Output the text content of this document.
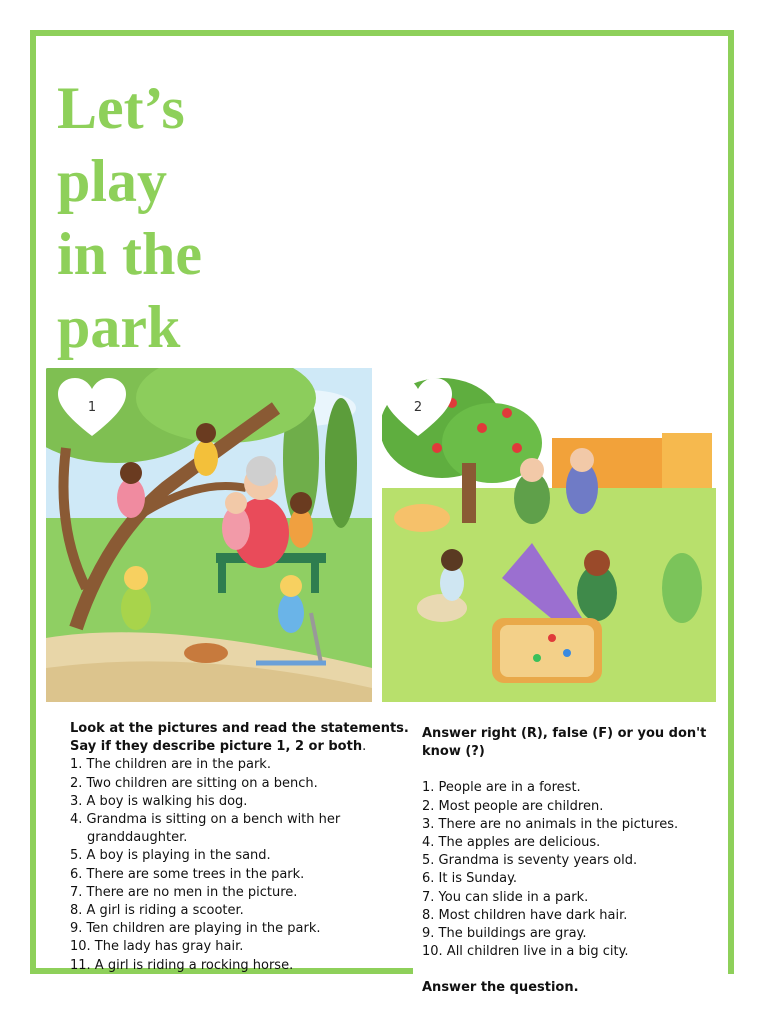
Let’s
play
in the
park
1	2
Look at the pictures and read the statements.
Say if they describe picture 1, 2 or both.
1. The children are in the park.
2. Two children are sitting on a bench.
3. A boy is walking his dog.
4. Grandma is sitting on a bench with her
granddaughter.
5. A boy is playing in the sand.
6. There are some trees in the park.
7. There are no men in the picture.
8. A girl is riding a scooter.
9. Ten children are playing in the park.
10. The lady has gray hair.
11. A girl is riding a rocking horse.
Answer right (R), false (F) or you don't
know (?)
1. People are in a forest.
2. Most people are children.
3. There are no animals in the pictures.
4. The apples are delicious.
5. Grandma is seventy years old.
6. It is Sunday.
7. You can slide in a park.
8. Most children have dark hair.
9. The buildings are gray.
10. All children live in a big city.
Answer the question.
